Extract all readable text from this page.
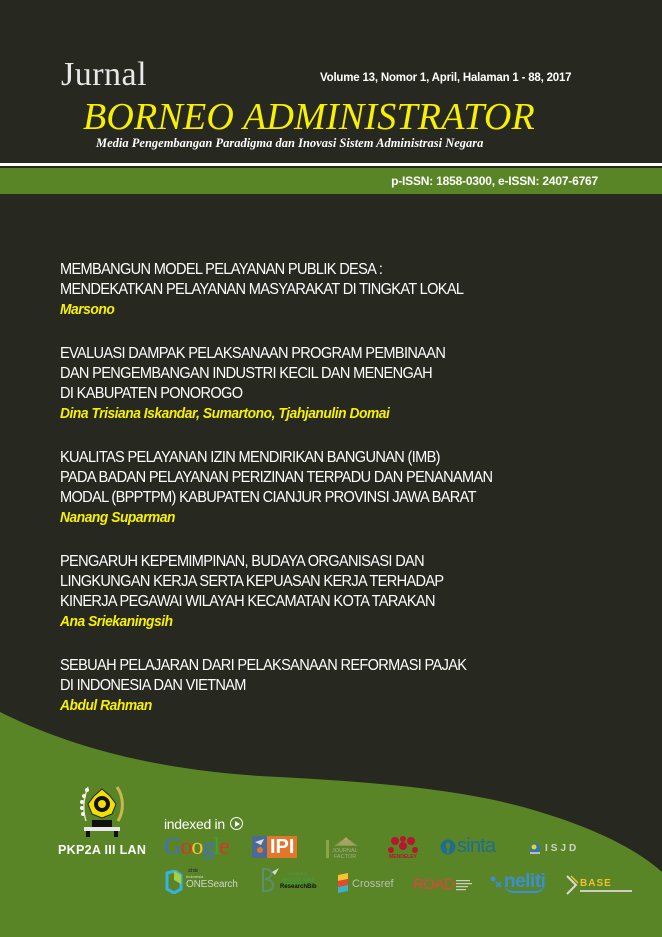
Jurnal	Volume 13, Nomor 1, April, Halaman 1 - 88, 2017
BORNEO ADMINISTRATOR
Media Pengembangan Paradigma dan Inovasi Sistem Administrasi Negara
p-ISSN: 1858-0300, e-ISSN: 2407-6767
MEMBANGUN MODEL PELAYANAN PUBLIK DESA :
MENDEKATKAN PELAYANAN MASYARAKAT DI TINGKAT LOKAL
Marsono
EVALUASI DAMPAK PELAKSANAAN PROGRAM PEMBINAAN
DAN PENGEMBANGAN INDUSTRI KECIL DAN MENENGAH
DI KABUPATEN PONOROGO
Dina Trisiana Iskandar, Sumartono, Tjahjanulin Domai
KUALITAS PELAYANAN IZIN MENDIRIKAN BANGUNAN (IMB)
PADA BADAN PELAYANAN PERIZINAN TERPADU DAN PENANAMAN
MODAL (BPPTPM) KABUPATEN CIANJUR PROVINSI JAWA BARAT
Nanang Suparman
PENGARUH KEPEMIMPINAN, BUDAYA ORGANISASI DAN
LINGKUNGAN KERJA SERTA KEPUASAN KERJA TERHADAP
KINERJA PEGAWAI WILAYAH KECAMATAN KOTA TARAKAN
Ana Sriekaningsih
SEBUAH PELAJARAN DARI PELAKSANAAN REFORMASI PAJAK
DI INDONESIA DAN VIETNAM
Abdul Rahman
PKP2A III LAN
indexed in
G o o g l e
scholar
IPI	JOURNAL
FACTOR	MENDELEY sinta	ISJD
Indonesia
ONESearch
Academic Resource Index
ResearchBib	Crossref ROAD	neliti	BASE
